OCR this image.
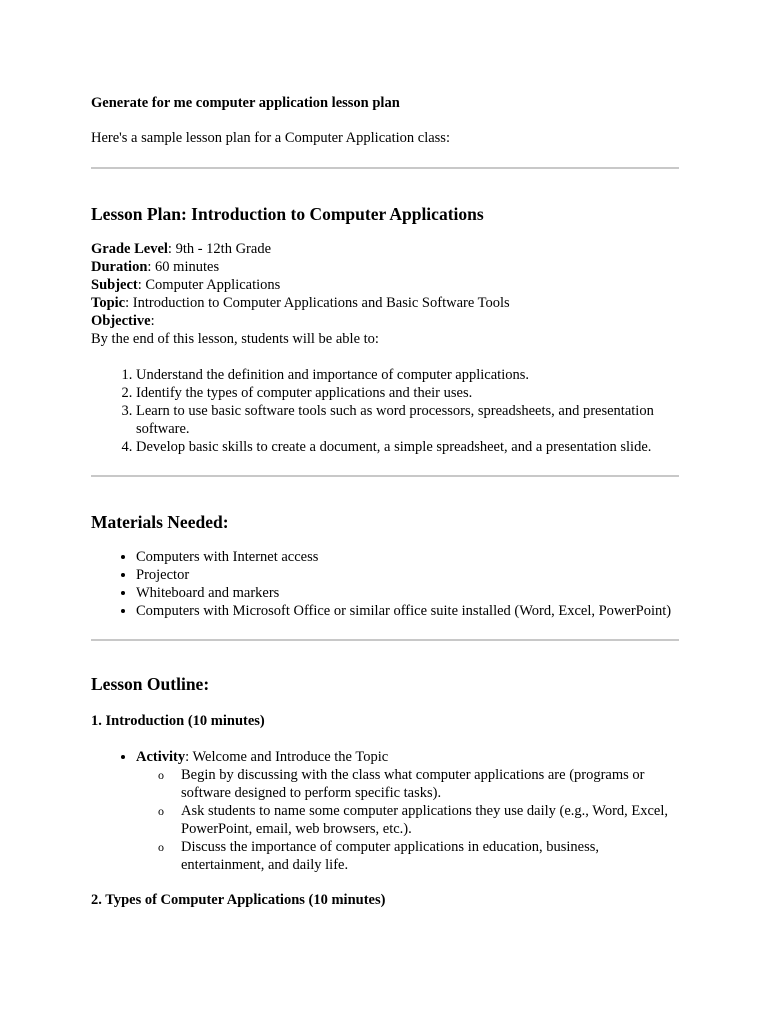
Generate for me computer application lesson plan

Here's a sample lesson plan for a Computer Application class:

Lesson Plan: Introduction to Computer Applications

Grade Level: 9th - 12th Grade

Duration: 60 minutes

Subject: Computer Applications

Topic: Introduction to Computer Applications and Basic Software Tools

Objective:

By the end of this lesson, students will be able to:

1. Understand the definition and importance of computer applications.
2. Identify the types of computer applications and their uses.
3. Learn to use basic software tools such as word processors, spreadsheets, and presentation software.
4. Develop basic skills to create a document, a simple spreadsheet, and a presentation slide.

Materials Needed:

• Computers with Internet access
• Projector
• Whiteboard and markers
• Computers with Microsoft Office or similar office suite installed (Word, Excel, PowerPoint)

Lesson Outline:

1. Introduction (10 minutes)

• Activity: Welcome and Introduce the Topic
o Begin by discussing with the class what computer applications are (programs or software designed to perform specific tasks).
o Ask students to name some computer applications they use daily (e.g., Word, Excel, PowerPoint, email, web browsers, etc.).
o Discuss the importance of computer applications in education, business, entertainment, and daily life.

2. Types of Computer Applications (10 minutes)
